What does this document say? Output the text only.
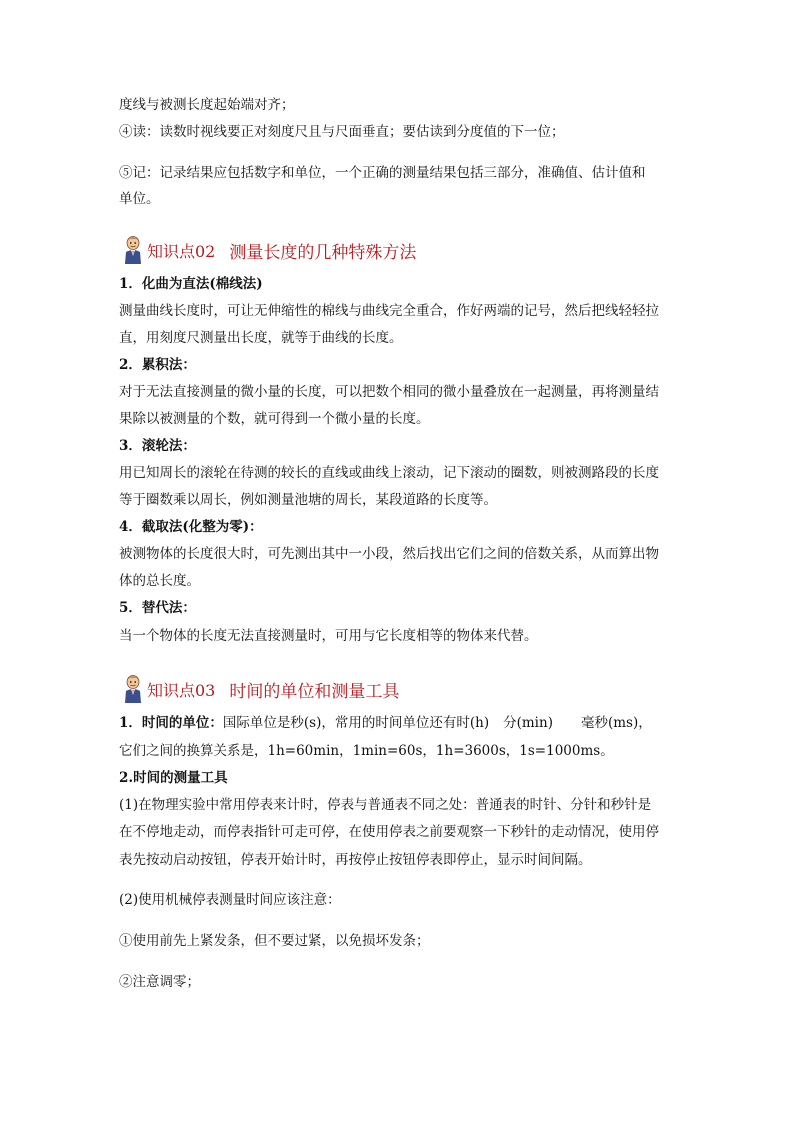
度线与被测长度起始端对齐；
④读：读数时视线要正对刻度尺且与尺面垂直；要估读到分度值的下一位；
⑤记：记录结果应包括数字和单位，一个正确的测量结果包括三部分，准确值、估计值和
单位。
知识点02 测量长度的几种特殊方法
1．化曲为直法(棉线法)
测量曲线长度时，可让无伸缩性的棉线与曲线完全重合，作好两端的记号，然后把线轻轻拉
直，用刻度尺测量出长度，就等于曲线的长度。
2．累积法：
对于无法直接测量的微小量的长度，可以把数个相同的微小量叠放在一起测量，再将测量结
果除以被测量的个数，就可得到一个微小量的长度。
3．滚轮法：
用已知周长的滚轮在待测的较长的直线或曲线上滚动，记下滚动的圈数，则被测路段的长度
等于圈数乘以周长，例如测量池塘的周长，某段道路的长度等。
4．截取法(化整为零)：
被测物体的长度很大时，可先测出其中一小段，然后找出它们之间的倍数关系，从而算出物
体的总长度。
5．替代法：
当一个物体的长度无法直接测量时，可用与它长度相等的物体来代替。
知识点03 时间的单位和测量工具
1．时间的单位：国际单位是秒(s)，常用的时间单位还有时(h) 分(min) 毫秒(ms)，
它们之间的换算关系是，1h=60min，1min=60s，1h=3600s，1s=1000ms。
2.时间的测量工具
(1)在物理实验中常用停表来计时，停表与普通表不同之处：普通表的时针、分针和秒针是
在不停地走动，而停表指针可走可停，在使用停表之前要观察一下秒针的走动情况，使用停
表先按动启动按钮，停表开始计时，再按停止按钮停表即停止，显示时间间隔。
(2)使用机械停表测量时间应该注意：
①使用前先上紧发条，但不要过紧，以免损坏发条；
②注意调零；
